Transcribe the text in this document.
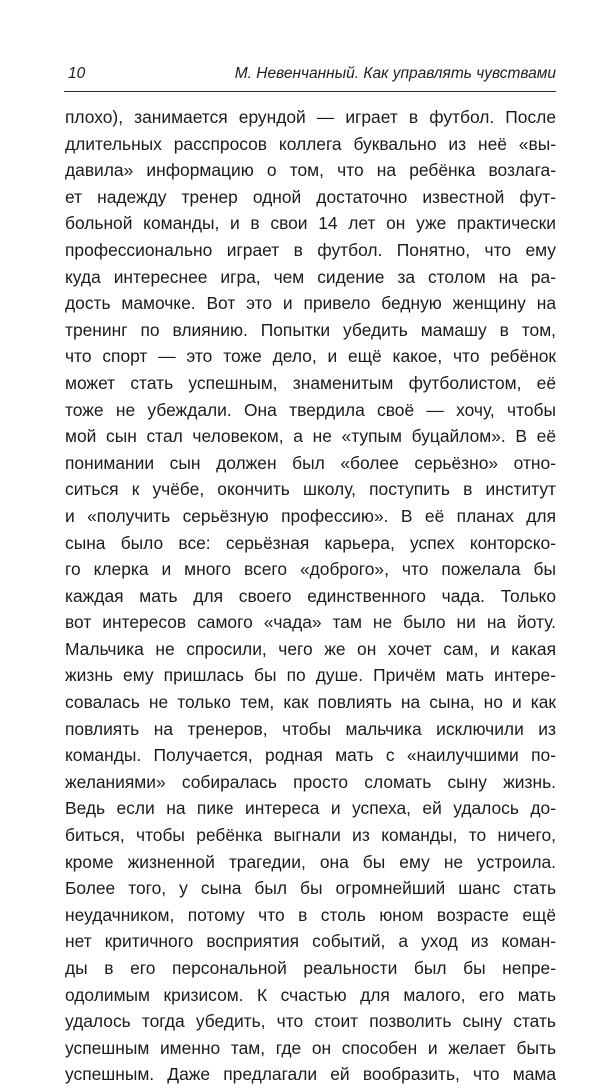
10	М. Невенчанный. Как управлять чувствами
плохо), занимается ерундой — играет в футбол. После
длительных расспросов коллега буквально из неё «вы-
давила» информацию о том, что на ребёнка возлага-
ет надежду тренер одной достаточно известной фут-
больной команды, и в свои 14 лет он уже практически
профессионально играет в футбол. Понятно, что ему
куда интереснее игра, чем сидение за столом на ра-
дость мамочке. Вот это и привело бедную женщину на
тренинг по влиянию. Попытки убедить мамашу в том,
что спорт — это тоже дело, и ещё какое, что ребёнок
может стать успешным, знаменитым футболистом, её
тоже не убеждали. Она твердила своё — хочу, чтобы
мой сын стал человеком, а не «тупым буцайлом». В её
понимании сын должен был «более серьёзно» отно-
ситься к учёбе, окончить школу, поступить в институт
и «получить серьёзную профессию». В её планах для
сына было все: серьёзная карьера, успех конторско-
го клерка и много всего «доброго», что пожелала бы
каждая мать для своего единственного чада. Только
вот интересов самого «чада» там не было ни на йоту.
Мальчика не спросили, чего же он хочет сам, и какая
жизнь ему пришлась бы по душе. Причём мать интере-
совалась не только тем, как повлиять на сына, но и как
повлиять на тренеров, чтобы мальчика исключили из
команды. Получается, родная мать с «наилучшими по-
желаниями» собиралась просто сломать сыну жизнь.
Ведь если на пике интереса и успеха, ей удалось до-
биться, чтобы ребёнка выгнали из команды, то ничего,
кроме жизненной трагедии, она бы ему не устроила.
Более того, у сына был бы огромнейший шанс стать
неудачником, потому что в столь юном возрасте ещё
нет критичного восприятия событий, а уход из коман-
ды в его персональной реальности был бы непре-
одолимым кризисом. К счастью для малого, его мать
удалось тогда убедить, что стоит позволить сыну стать
успешным именно там, где он способен и желает быть
успешным. Даже предлагали ей вообразить, что мама
